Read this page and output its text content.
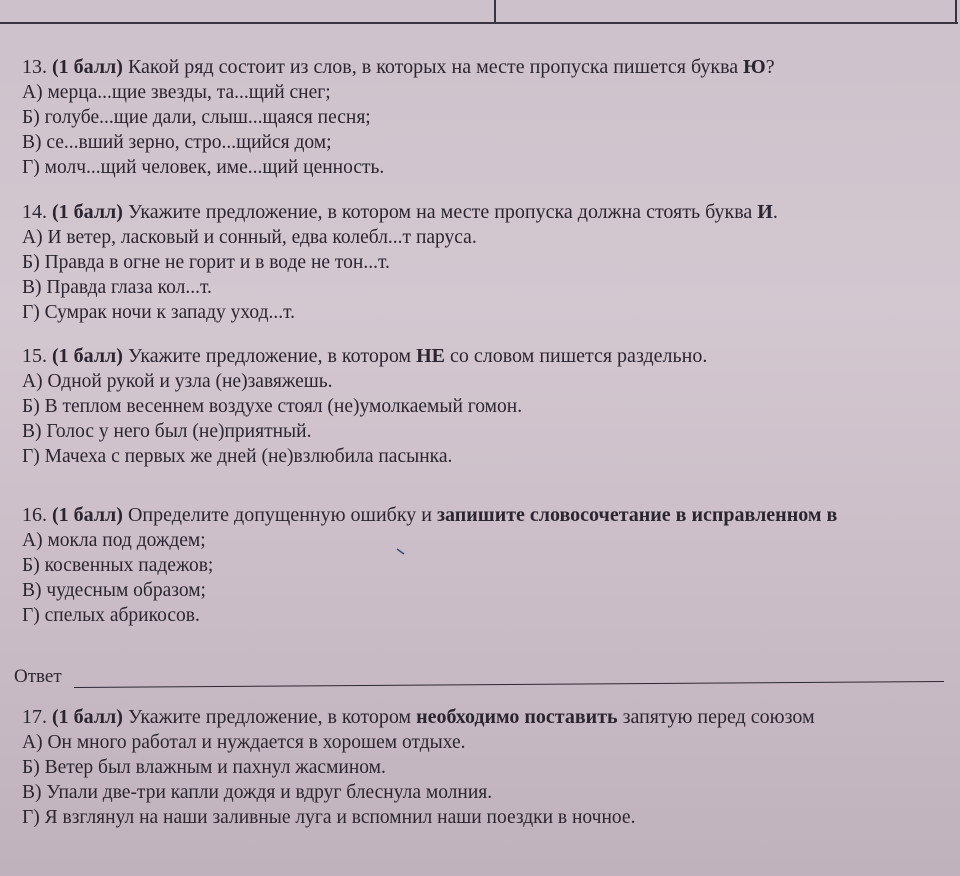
13. (1 балл) Какой ряд состоит из слов, в которых на месте пропуска пишется буква Ю?
А) мерца...щие звезды, та...щий снег;
Б) голубе...щие дали, слыш...щаяся песня;
В) се...вший зерно, стро...щийся дом;
Г) молч...щий человек, име...щий ценность.
14. (1 балл) Укажите предложение, в котором на месте пропуска должна стоять буква И.
А) И ветер, ласковый и сонный, едва колебл...т паруса.
Б) Правда в огне не горит и в воде не тон...т.
В) Правда глаза кол...т.
Г) Сумрак ночи к западу уход...т.
15. (1 балл) Укажите предложение, в котором НЕ со словом пишется раздельно.
А) Одной рукой и узла (не)завяжешь.
Б) В теплом весеннем воздухе стоял (не)умолкаемый гомон.
В) Голос у него был (не)приятный.
Г) Мачеха с первых же дней (не)взлюбила пасынка.
16. (1 балл) Определите допущенную ошибку и запишите словосочетание в исправленном в
А) мокла под дождем;
Б) косвенных падежов;
В) чудесным образом;
Г) спелых абрикосов.
Ответ
17. (1 балл) Укажите предложение, в котором необходимо поставить запятую перед союзом
А) Он много работал и нуждается в хорошем отдыхе.
Б) Ветер был влажным и пахнул жасмином.
В) Упали две-три капли дождя и вдруг блеснула молния.
Г) Я взглянул на наши заливные луга и вспомнил наши поездки в ночное.
